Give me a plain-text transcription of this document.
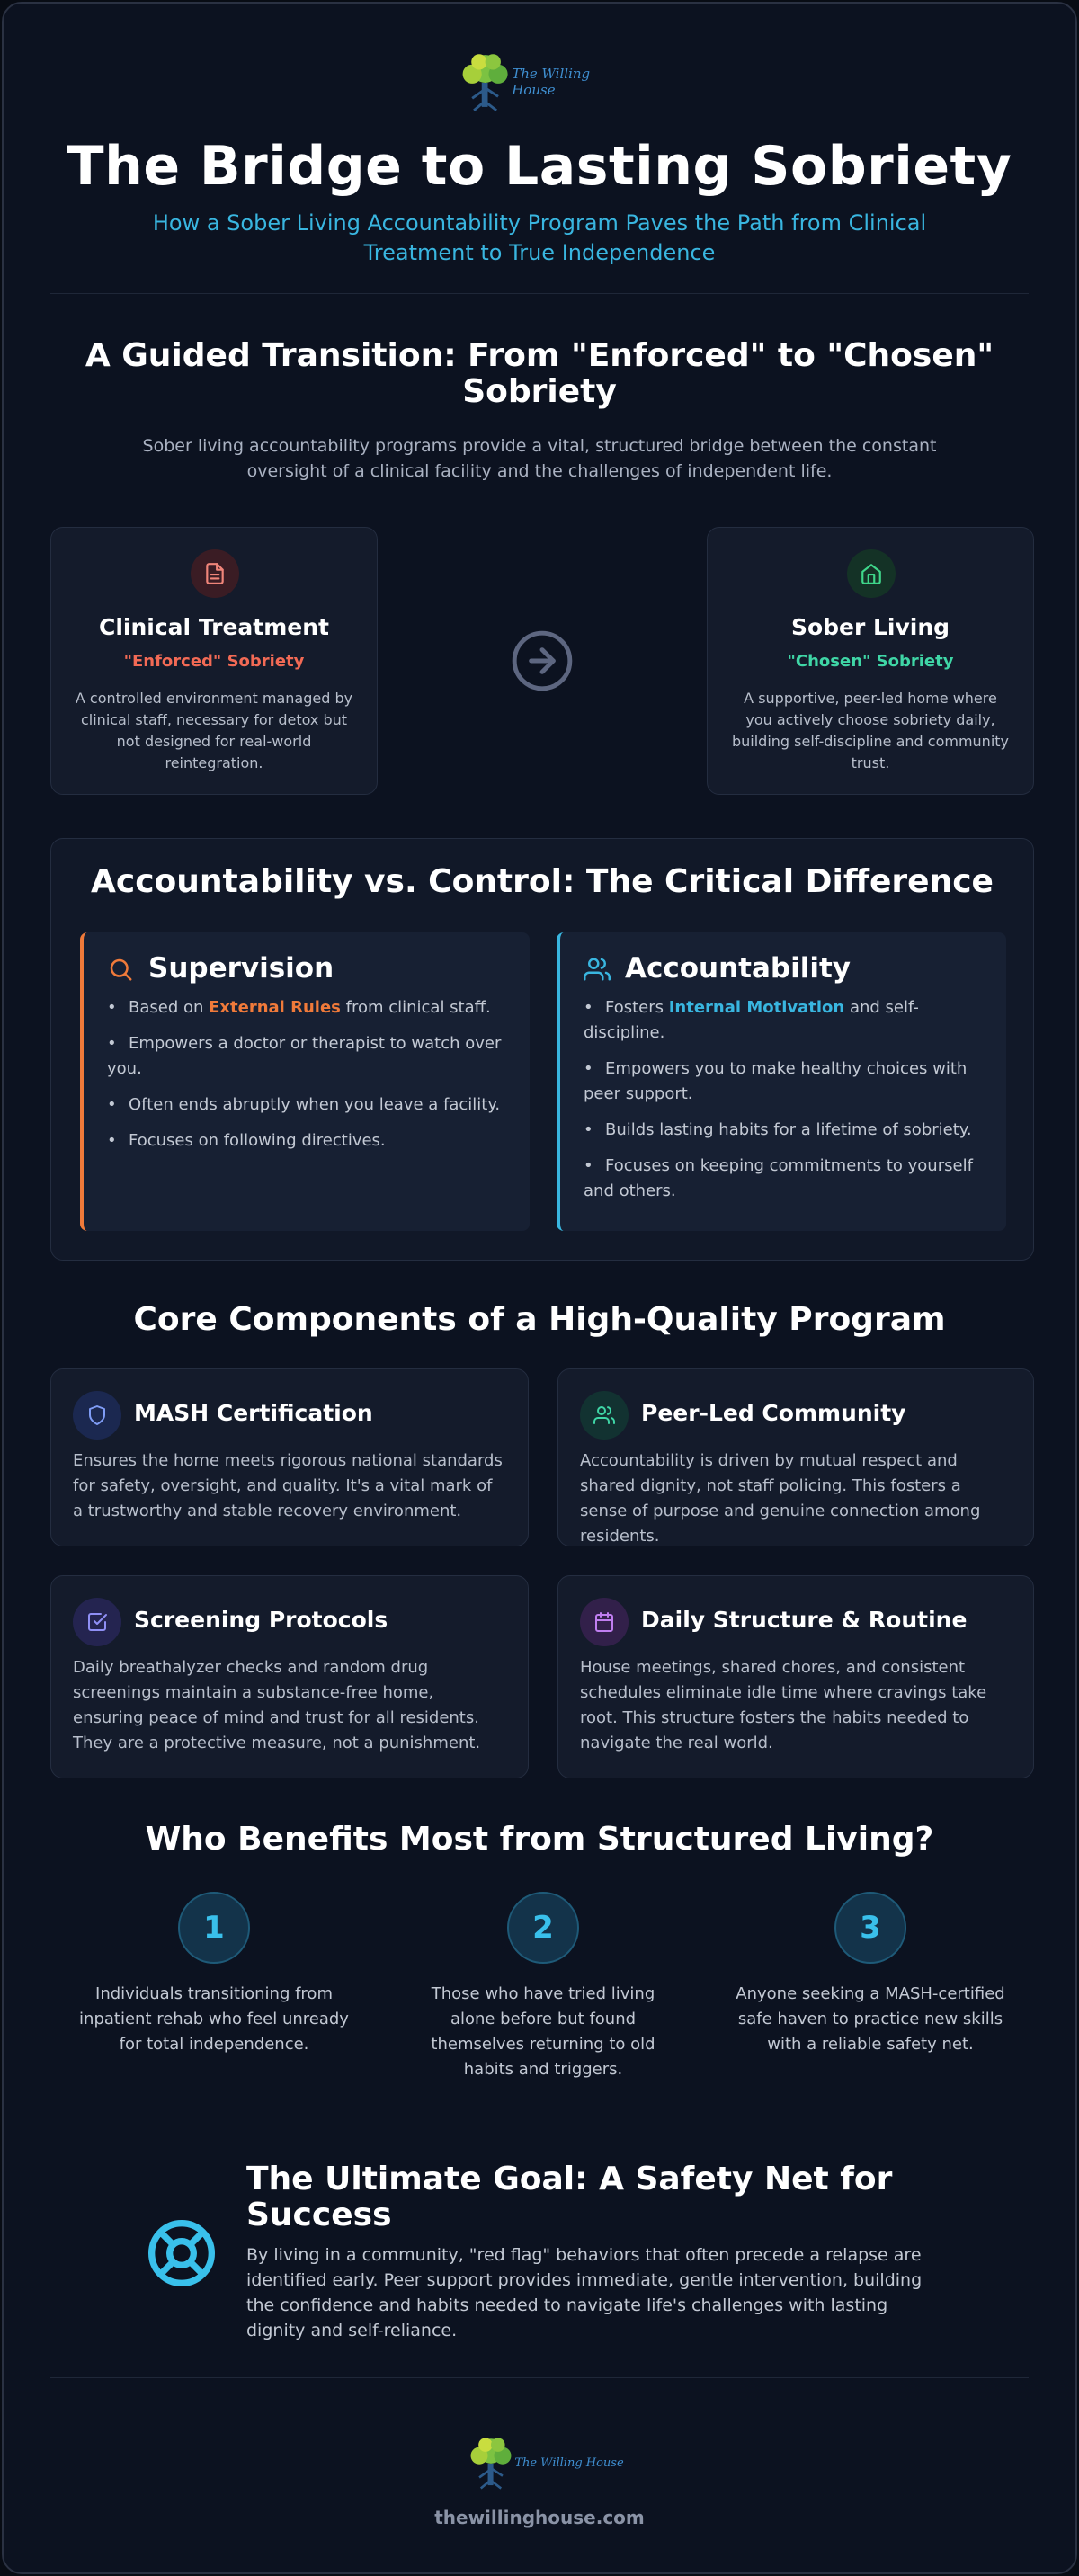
The Willing House
The Bridge to Lasting Sobriety
How a Sober Living Accountability Program Paves the Path from Clinical Treatment to True Independence
A Guided Transition: From "Enforced" to "Chosen" Sobriety
Sober living accountability programs provide a vital, structured bridge between the constant oversight of a clinical facility and the challenges of independent life.
Clinical Treatment
"Enforced" Sobriety
A controlled environment managed by clinical staff, necessary for detox but not designed for real-world reintegration.
Sober Living
"Chosen" Sobriety
A supportive, peer-led home where you actively choose sobriety daily, building self-discipline and community trust.
Accountability vs. Control: The Critical Difference
Supervision
• Based on External Rules from clinical staff.
• Empowers a doctor or therapist to watch over you.
• Often ends abruptly when you leave a facility.
• Focuses on following directives.
Accountability
• Fosters Internal Motivation and self-discipline.
• Empowers you to make healthy choices with peer support.
• Builds lasting habits for a lifetime of sobriety.
• Focuses on keeping commitments to yourself and others.
Core Components of a High-Quality Program
MASH Certification
Ensures the home meets rigorous national standards for safety, oversight, and quality. It's a vital mark of a trustworthy and stable recovery environment.
Peer-Led Community
Accountability is driven by mutual respect and shared dignity, not staff policing. This fosters a sense of purpose and genuine connection among residents.
Screening Protocols
Daily breathalyzer checks and random drug screenings maintain a substance-free home, ensuring peace of mind and trust for all residents. They are a protective measure, not a punishment.
Daily Structure & Routine
House meetings, shared chores, and consistent schedules eliminate idle time where cravings take root. This structure fosters the habits needed to navigate the real world.
Who Benefits Most from Structured Living?
1
Individuals transitioning from inpatient rehab who feel unready for total independence.
2
Those who have tried living alone before but found themselves returning to old habits and triggers.
3
Anyone seeking a MASH-certified safe haven to practice new skills with a reliable safety net.
The Ultimate Goal: A Safety Net for Success
By living in a community, "red flag" behaviors that often precede a relapse are identified early. Peer support provides immediate, gentle intervention, building the confidence and habits needed to navigate life's challenges with lasting dignity and self-reliance.
The Willing House
thewillinghouse.com
